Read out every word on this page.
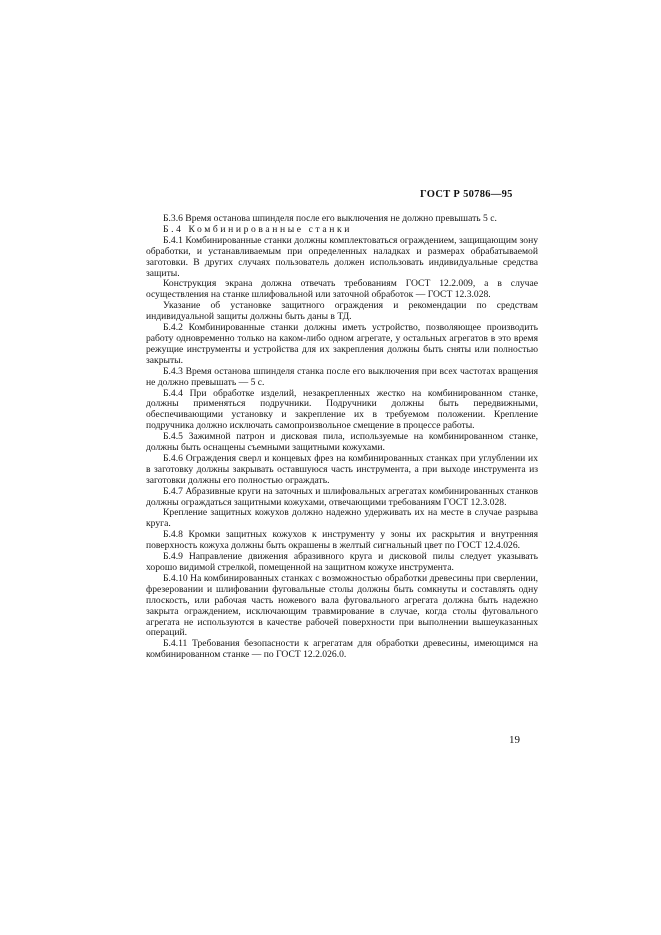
ГОСТ Р 50786—95

Б.3.6 Время останова шпинделя после его выключения не должно превышать 5 с.

Б.4 Комбинированные станки

Б.4.1 Комбинированные станки должны комплектоваться ограждением, защищающим зону обработки, и устанавливаемым при определенных наладках и размерах обрабатываемой заготовки. В других случаях пользователь должен использовать индивидуальные средства защиты.

Конструкция экрана должна отвечать требованиям ГОСТ 12.2.009, а в случае осуществления на станке шлифовальной или заточной обработок — ГОСТ 12.3.028.

Указание об установке защитного ограждения и рекомендации по средствам индивидуальной защиты должны быть даны в ТД.

Б.4.2 Комбинированные станки должны иметь устройство, позволяющее производить работу одновременно только на каком-либо одном агрегате, у остальных агрегатов в это время режущие инструменты и устройства для их закрепления должны быть сняты или полностью закрыты.

Б.4.3 Время останова шпинделя станка после его выключения при всех частотах вращения не должно превышать — 5 с.

Б.4.4 При обработке изделий, незакрепленных жестко на комбинированном станке, должны применяться подручники. Подручники должны быть передвижными, обеспечивающими установку и закрепление их в требуемом положении. Крепление подручника должно исключать самопроизвольное смещение в процессе работы.

Б.4.5 Зажимной патрон и дисковая пила, используемые на комбинированном станке, должны быть оснащены съемными защитными кожухами.

Б.4.6 Ограждения сверл и концевых фрез на комбинированных станках при углублении их в заготовку должны закрывать оставшуюся часть инструмента, а при выходе инструмента из заготовки должны его полностью ограждать.

Б.4.7 Абразивные круги на заточных и шлифовальных агрегатах комбинированных станков должны ограждаться защитными кожухами, отвечающими требованиям ГОСТ 12.3.028.

Крепление защитных кожухов должно надежно удерживать их на месте в случае разрыва круга.

Б.4.8 Кромки защитных кожухов к инструменту у зоны их раскрытия и внутренняя поверхность кожуха должны быть окрашены в желтый сигнальный цвет по ГОСТ 12.4.026.

Б.4.9 Направление движения абразивного круга и дисковой пилы следует указывать хорошо видимой стрелкой, помещенной на защитном кожухе инструмента.

Б.4.10 На комбинированных станках с возможностью обработки древесины при сверлении, фрезеровании и шлифовании фуговальные столы должны быть сомкнуты и составлять одну плоскость, или рабочая часть ножевого вала фуговального агрегата должна быть надежно закрыта ограждением, исключающим травмирование в случае, когда столы фуговального агрегата не используются в качестве рабочей поверхности при выполнении вышеуказанных операций.

Б.4.11 Требования безопасности к агрегатам для обработки древесины, имеющимся на комбинированном станке — по ГОСТ 12.2.026.0.

19
